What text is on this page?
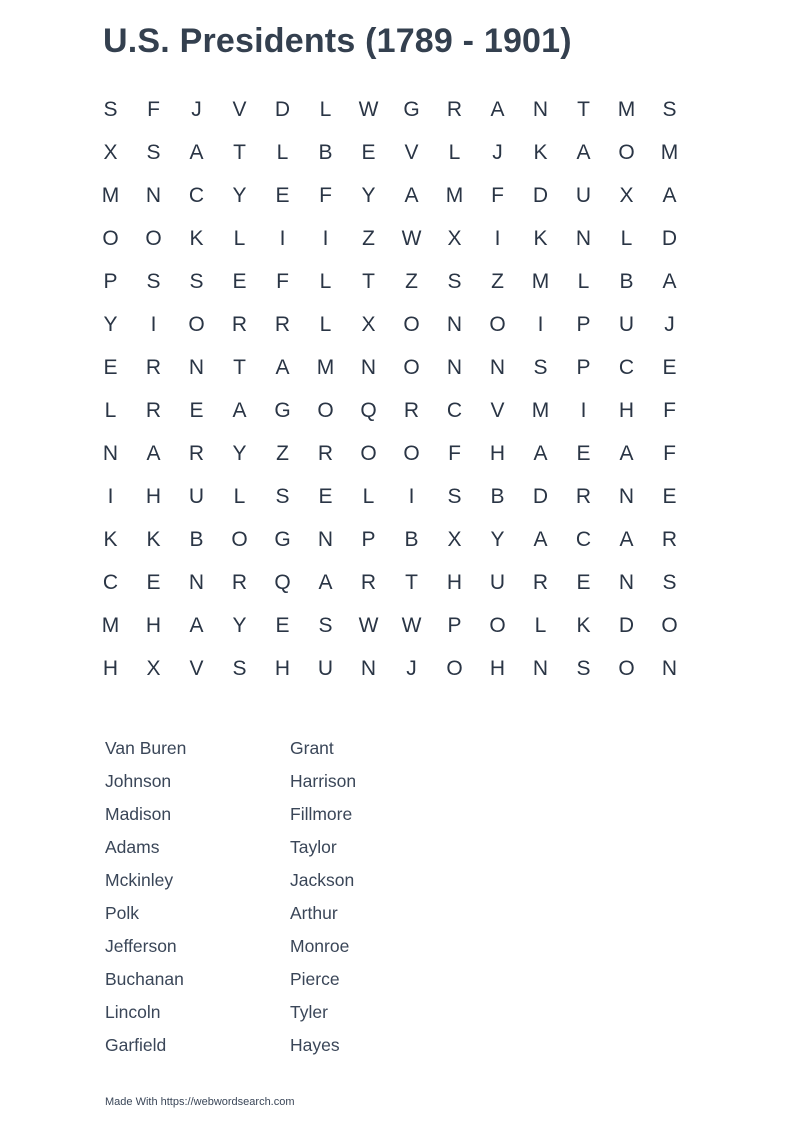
U.S. Presidents (1789 - 1901)
S	F	J	V	D	L	W	G	R	A	N	T	M	S
X	S	A	T	L	B	E	V	L	J	K	A	O	M
M	N	C	Y	E	F	Y	A	M	F	D	U	X	A
O	O	K	L	I	I	Z	W	X	I	K	N	L	D
P	S	S	E	F	L	T	Z	S	Z	M	L	B	A
Y	I	O	R	R	L	X	O	N	O	I	P	U	J
E	R	N	T	A	M	N	O	N	N	S	P	C	E
L	R	E	A	G	O	Q	R	C	V	M	I	H	F
N	A	R	Y	Z	R	O	O	F	H	A	E	A	F
I	H	U	L	S	E	L	I	S	B	D	R	N	E
K	K	B	O	G	N	P	B	X	Y	A	C	A	R
C	E	N	R	Q	A	R	T	H	U	R	E	N	S
M	H	A	Y	E	S	W	W	P	O	L	K	D	O
H	X	V	S	H	U	N	J	O	H	N	S	O	N
Van Buren	Grant
Johnson	Harrison
Madison	Fillmore
Adams	Taylor
Mckinley	Jackson
Polk	Arthur
Jefferson	Monroe
Buchanan	Pierce
Lincoln	Tyler
Garfield	Hayes
Made With https://webwordsearch.com
